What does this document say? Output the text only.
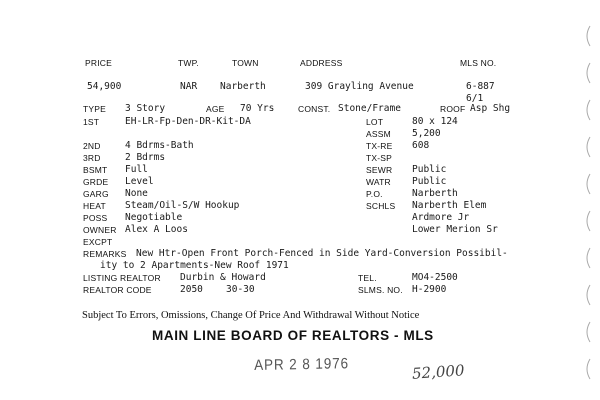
PRICE	TWP.	TOWN	ADDRESS	MLS NO.
54,900	NAR Narberth	309 Grayling Avenue	6-887
6/1
TYPE 3 Story	AGE 70 Yrs	CONST. Stone/Frame	ROOF Asp Shg
1ST	EH-LR-Fp-Den-DR-Kit-DA
2ND	4 Bdrms-Bath
3RD	2 Bdrms
BSMT Full
GRDE Level
GARG None
HEAT Steam/Oil-S/W Hookup
POSS Negotiable
OWNER Alex A Loos
EXCPT
LOT	80 x 124
ASSM 5,200
TX-RE 608
TX-SP
SEWR Public
WATR Public
P.O.	Narberth
SCHLS Narberth Elem
Ardmore Jr
Lower Merion Sr
REMARKS New Htr-Open Front Porch-Fenced in Side Yard-Conversion Possibil-
ity to 2 Apartments-New Roof 1971
LISTING REALTOR Durbin & Howard	TEL.	MO4-2500
REALTOR CODE	2050 30-30	SLMS. NO. H-2900
Subject To Errors, Omissions, Change Of Price And Withdrawal Without Notice
MAIN LINE BOARD OF REALTORS - MLS
APR 2 8 1976	52,000
